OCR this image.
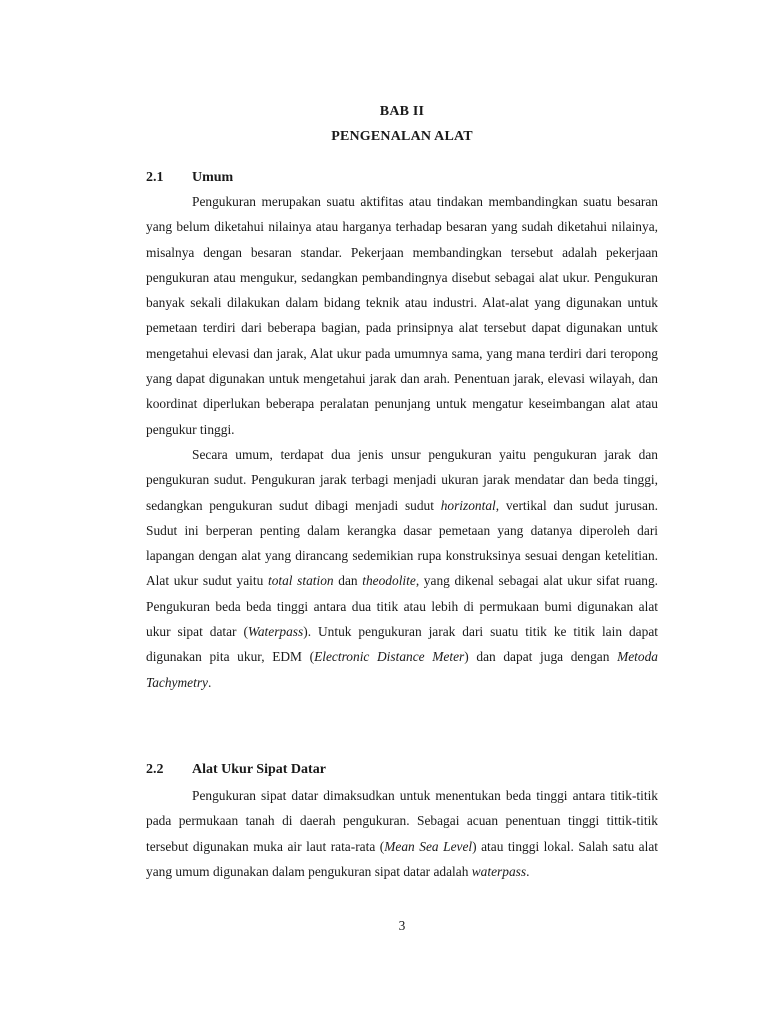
BAB II
PENGENALAN ALAT
2.1 Umum

Pengukuran merupakan suatu aktifitas atau tindakan membandingkan suatu besaran yang belum diketahui nilainya atau harganya terhadap besaran yang sudah diketahui nilainya, misalnya dengan besaran standar. Pekerjaan membandingkan tersebut adalah pekerjaan pengukuran atau mengukur, sedangkan pembandingnya disebut sebagai alat ukur. Pengukuran banyak sekali dilakukan dalam bidang teknik atau industri. Alat-alat yang digunakan untuk pemetaan terdiri dari beberapa bagian, pada prinsipnya alat tersebut dapat digunakan untuk mengetahui elevasi dan jarak, Alat ukur pada umumnya sama, yang mana terdiri dari teropong yang dapat digunakan untuk mengetahui jarak dan arah. Penentuan jarak, elevasi wilayah, dan koordinat diperlukan beberapa peralatan penunjang untuk mengatur keseimbangan alat atau pengukur tinggi.

Secara umum, terdapat dua jenis unsur pengukuran yaitu pengukuran jarak dan pengukuran sudut. Pengukuran jarak terbagi menjadi ukuran jarak mendatar dan beda tinggi, sedangkan pengukuran sudut dibagi menjadi sudut horizontal, vertikal dan sudut jurusan. Sudut ini berperan penting dalam kerangka dasar pemetaan yang datanya diperoleh dari lapangan dengan alat yang dirancang sedemikian rupa konstruksinya sesuai dengan ketelitian. Alat ukur sudut yaitu total station dan theodolite, yang dikenal sebagai alat ukur sifat ruang. Pengukuran beda beda tinggi antara dua titik atau lebih di permukaan bumi digunakan alat ukur sipat datar (Waterpass). Untuk pengukuran jarak dari suatu titik ke titik lain dapat digunakan pita ukur, EDM (Electronic Distance Meter) dan dapat juga dengan Metoda Tachymetry.

2.2 Alat Ukur Sipat Datar

Pengukuran sipat datar dimaksudkan untuk menentukan beda tinggi antara titik-titik pada permukaan tanah di daerah pengukuran. Sebagai acuan penentuan tinggi tittik-titik tersebut digunakan muka air laut rata-rata (Mean Sea Level) atau tinggi lokal. Salah satu alat yang umum digunakan dalam pengukuran sipat datar adalah waterpass.

3
